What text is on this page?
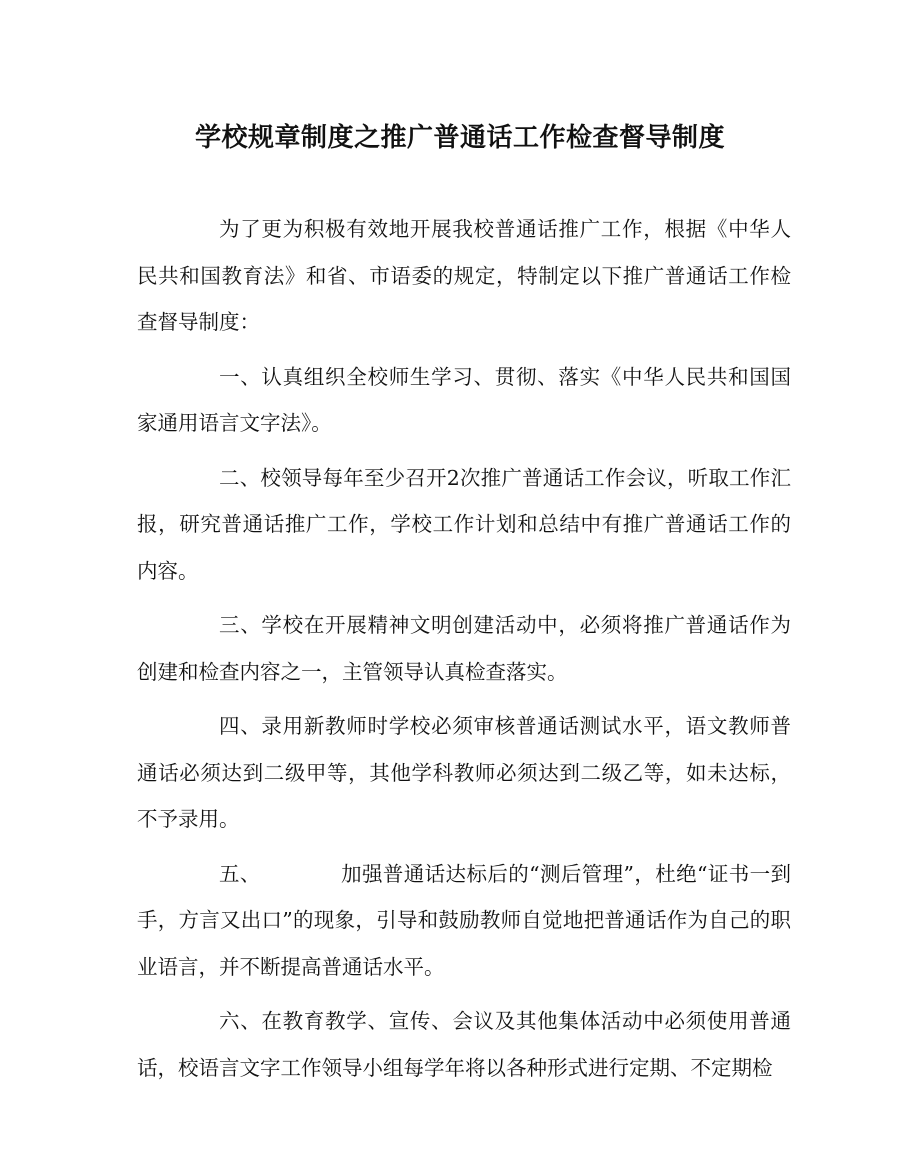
学校规章制度之推广普通话工作检查督导制度

为了更为积极有效地开展我校普通话推广工作，根据《中华人民共和国教育法》和省、市语委的规定，特制定以下推广普通话工作检查督导制度：

一、认真组织全校师生学习、贯彻、落实《中华人民共和国国家通用语言文字法》。

二、校领导每年至少召开2次推广普通话工作会议，听取工作汇报，研究普通话推广工作，学校工作计划和总结中有推广普通话工作的内容。

三、学校在开展精神文明创建活动中，必须将推广普通话作为创建和检查内容之一，主管领导认真检查落实。

四、录用新教师时学校必须审核普通话测试水平，语文教师普通话必须达到二级甲等，其他学科教师必须达到二级乙等，如未达标，不予录用。

五、	加强普通话达标后的“测后管理”，杜绝“证书一到手，方言又出口”的现象，引导和鼓励教师自觉地把普通话作为自己的职业语言，并不断提高普通话水平。

六、在教育教学、宣传、会议及其他集体活动中必须使用普通话，校语言文字工作领导小组每学年将以各种形式进行定期、不定期检
